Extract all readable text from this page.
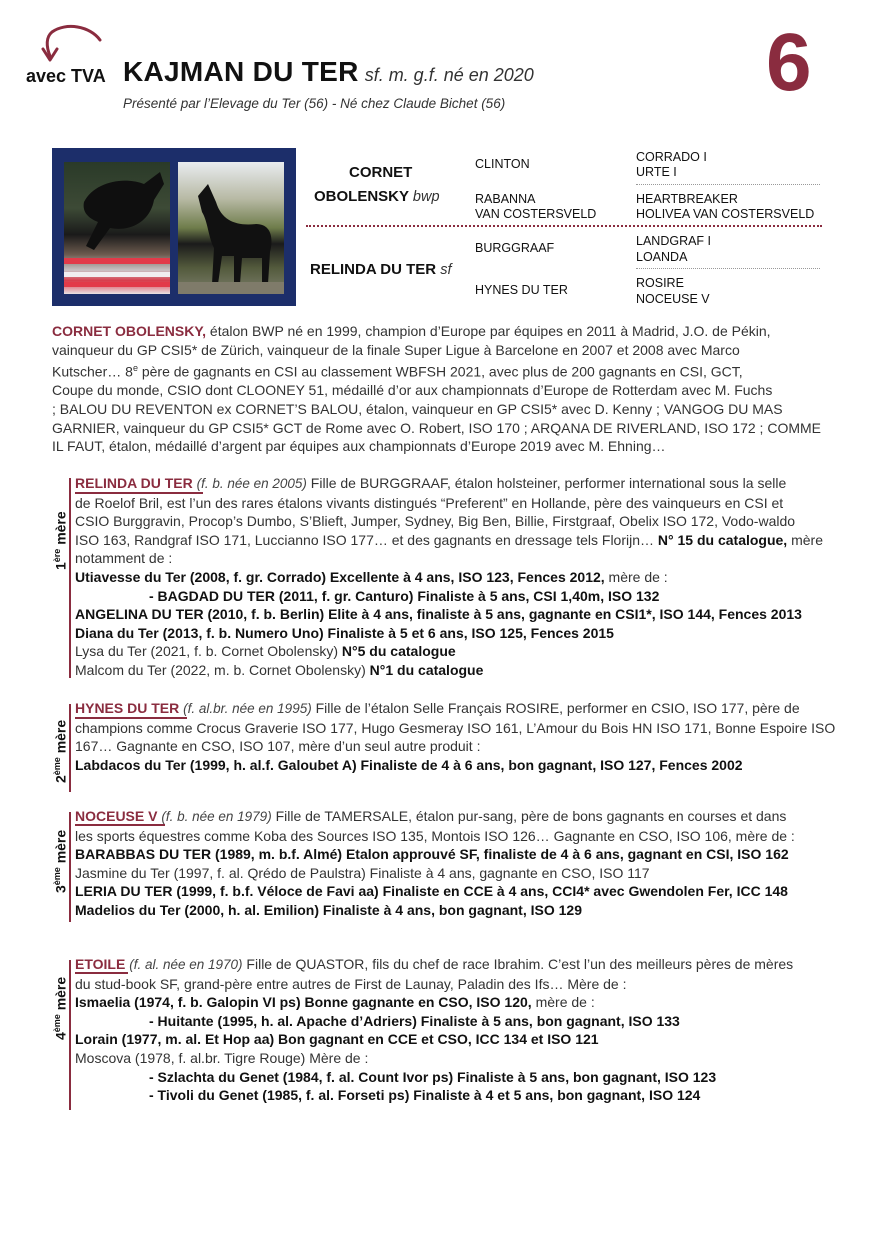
avec TVA KAJMAN DU TER sf. m. g.f. né en 2020
Présenté par l’Elevage du Ter (56) - Né chez Claude Bichet (56)	6
CORNET
OBOLENSKY bwp
RELINDA DU TER sf
CLINTON
RABANNA
VAN COSTERSVELD
BURGGRAAF
HYNES DU TER
CORRADO I
URTE I
HEARTBREAKER
HOLIVEA VAN COSTERSVELD
LANDGRAF I
LOANDA
ROSIRE
NOCEUSE V
CORNET OBOLENSKY, étalon BWP né en 1999, champion d’Europe par équipes en 2011 à Madrid, J.O. de Pékin,
vainqueur du GP CSI5* de Zürich, vainqueur de la finale Super Ligue à Barcelone en 2007 et 2008 avec Marco
Kutscher… 8e père de gagnants en CSI au classement WBFSH 2021, avec plus de 200 gagnants en CSI, GCT,
Coupe du monde, CSIO dont CLOONEY 51, médaillé d’or aux championnats d’Europe de Rotterdam avec M. Fuchs
; BALOU DU REVENTON ex CORNET’S BALOU, étalon, vainqueur en GP CSI5* avec D. Kenny ; VANGOG DU MAS
GARNIER, vainqueur du GP CSI5* GCT de Rome avec O. Robert, ISO 170 ; ARQANA DE RIVERLAND, ISO 172 ; COMME
IL FAUT, étalon, médaillé d’argent par équipes aux championnats d’Europe 2019 avec M. Ehning…
1ère mère
RELINDA DU TER (f. b. née en 2005) Fille de BURGGRAAF, étalon holsteiner, performer international sous la selle
de Roelof Bril, est l’un des rares étalons vivants distingués “Preferent” en Hollande, père des vainqueurs en CSI et
CSIO Burggravin, Procop’s Dumbo, S’Blieft, Jumper, Sydney, Big Ben, Billie, Firstgraaf, Obelix ISO 172, Vodo-waldo
ISO 163, Randgraf ISO 171, Luccianno ISO 177… et des gagnants en dressage tels Florijn… N° 15 du catalogue, mère
notamment de :
Utiavesse du Ter (2008, f. gr. Corrado) Excellente à 4 ans, ISO 123, Fences 2012, mère de :
- BAGDAD DU TER (2011, f. gr. Canturo) Finaliste à 5 ans, CSI 1,40m, ISO 132
ANGELINA DU TER (2010, f. b. Berlin) Elite à 4 ans, finaliste à 5 ans, gagnante en CSI1*, ISO 144, Fences 2013
Diana du Ter (2013, f. b. Numero Uno) Finaliste à 5 et 6 ans, ISO 125, Fences 2015
Lysa du Ter (2021, f. b. Cornet Obolensky) N°5 du catalogue
Malcom du Ter (2022, m. b. Cornet Obolensky) N°1 du catalogue
2ème mère
HYNES DU TER (f. al.br. née en 1995) Fille de l’étalon Selle Français ROSIRE, performer en CSIO, ISO 177, père de
champions comme Crocus Graverie ISO 177, Hugo Gesmeray ISO 161, L’Amour du Bois HN ISO 171, Bonne Espoire ISO
167… Gagnante en CSO, ISO 107, mère d’un seul autre produit :
Labdacos du Ter (1999, h. al.f. Galoubet A) Finaliste de 4 à 6 ans, bon gagnant, ISO 127, Fences 2002
3ème mère
NOCEUSE V (f. b. née en 1979) Fille de TAMERSALE, étalon pur-sang, père de bons gagnants en courses et dans
les sports équestres comme Koba des Sources ISO 135, Montois ISO 126… Gagnante en CSO, ISO 106, mère de :
BARABBAS DU TER (1989, m. b.f. Almé) Etalon approuvé SF, finaliste de 4 à 6 ans, gagnant en CSI, ISO 162
Jasmine du Ter (1997, f. al. Qrédo de Paulstra) Finaliste à 4 ans, gagnante en CSO, ISO 117
LERIA DU TER (1999, f. b.f. Véloce de Favi aa) Finaliste en CCE à 4 ans, CCI4* avec Gwendolen Fer, ICC 148
Madelios du Ter (2000, h. al. Emilion) Finaliste à 4 ans, bon gagnant, ISO 129
4ème mère
ETOILE (f. al. née en 1970) Fille de QUASTOR, fils du chef de race Ibrahim. C’est l’un des meilleurs pères de mères
du stud-book SF, grand-père entre autres de First de Launay, Paladin des Ifs… Mère de :
Ismaelia (1974, f. b. Galopin VI ps) Bonne gagnante en CSO, ISO 120, mère de :
- Huitante (1995, h. al. Apache d’Adriers) Finaliste à 5 ans, bon gagnant, ISO 133
Lorain (1977, m. al. Et Hop aa) Bon gagnant en CCE et CSO, ICC 134 et ISO 121
Moscova (1978, f. al.br. Tigre Rouge) Mère de :
- Szlachta du Genet (1984, f. al. Count Ivor ps) Finaliste à 5 ans, bon gagnant, ISO 123
- Tivoli du Genet (1985, f. al. Forseti ps) Finaliste à 4 et 5 ans, bon gagnant, ISO 124
